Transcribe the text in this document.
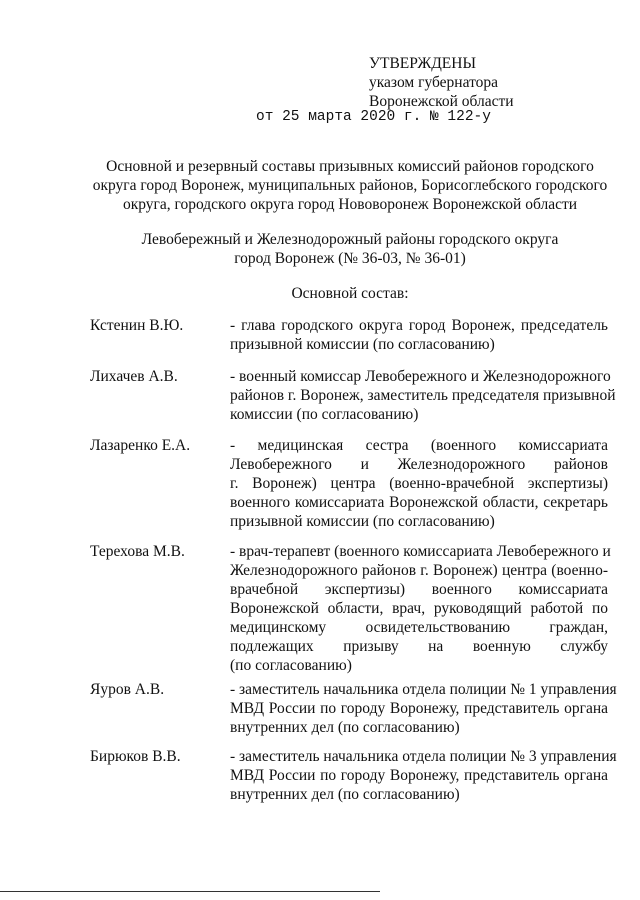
УТВЕРЖДЕНЫ
указом губернатора
Воронежской области
от 25 марта 2020 г. № 122-у
Основной и резервный составы призывных комиссий районов городского
округа город Воронеж, муниципальных районов, Борисоглебского городского
округа, городского округа город Нововоронеж Воронежской области
Левобережный и Железнодорожный районы городского округа
город Воронеж (№ 36-03, № 36-01)
Основной состав:
Кстенин В.Ю.	- глава городского округа город Воронеж, председатель
призывной комиссии (по согласованию)
Лихачев А.В.	- военный комиссар Левобережного и Железнодорожного
районов г. Воронеж, заместитель председателя призывной
комиссии (по согласованию)
Лазаренко Е.А.	- медицинская сестра (военного комиссариата
Левобережного и Железнодорожного районов
г. Воронеж) центра (военно-врачебной экспертизы)
военного комиссариата Воронежской области, секретарь
призывной комиссии (по согласованию)
Терехова М.В.	- врач-терапевт (военного комиссариата Левобережного и
Железнодорожного районов г. Воронеж) центра (военно-
врачебной экспертизы) военного комиссариата
Воронежской области, врач, руководящий работой по
медицинскому освидетельствованию граждан,
подлежащих призыву на военную службу
(по согласованию)
Яуров А.В.	- заместитель начальника отдела полиции № 1 управления
МВД России по городу Воронежу, представитель органа
внутренних дел (по согласованию)
Бирюков В.В.	- заместитель начальника отдела полиции № 3 управления
МВД России по городу Воронежу, представитель органа
внутренних дел (по согласованию)
